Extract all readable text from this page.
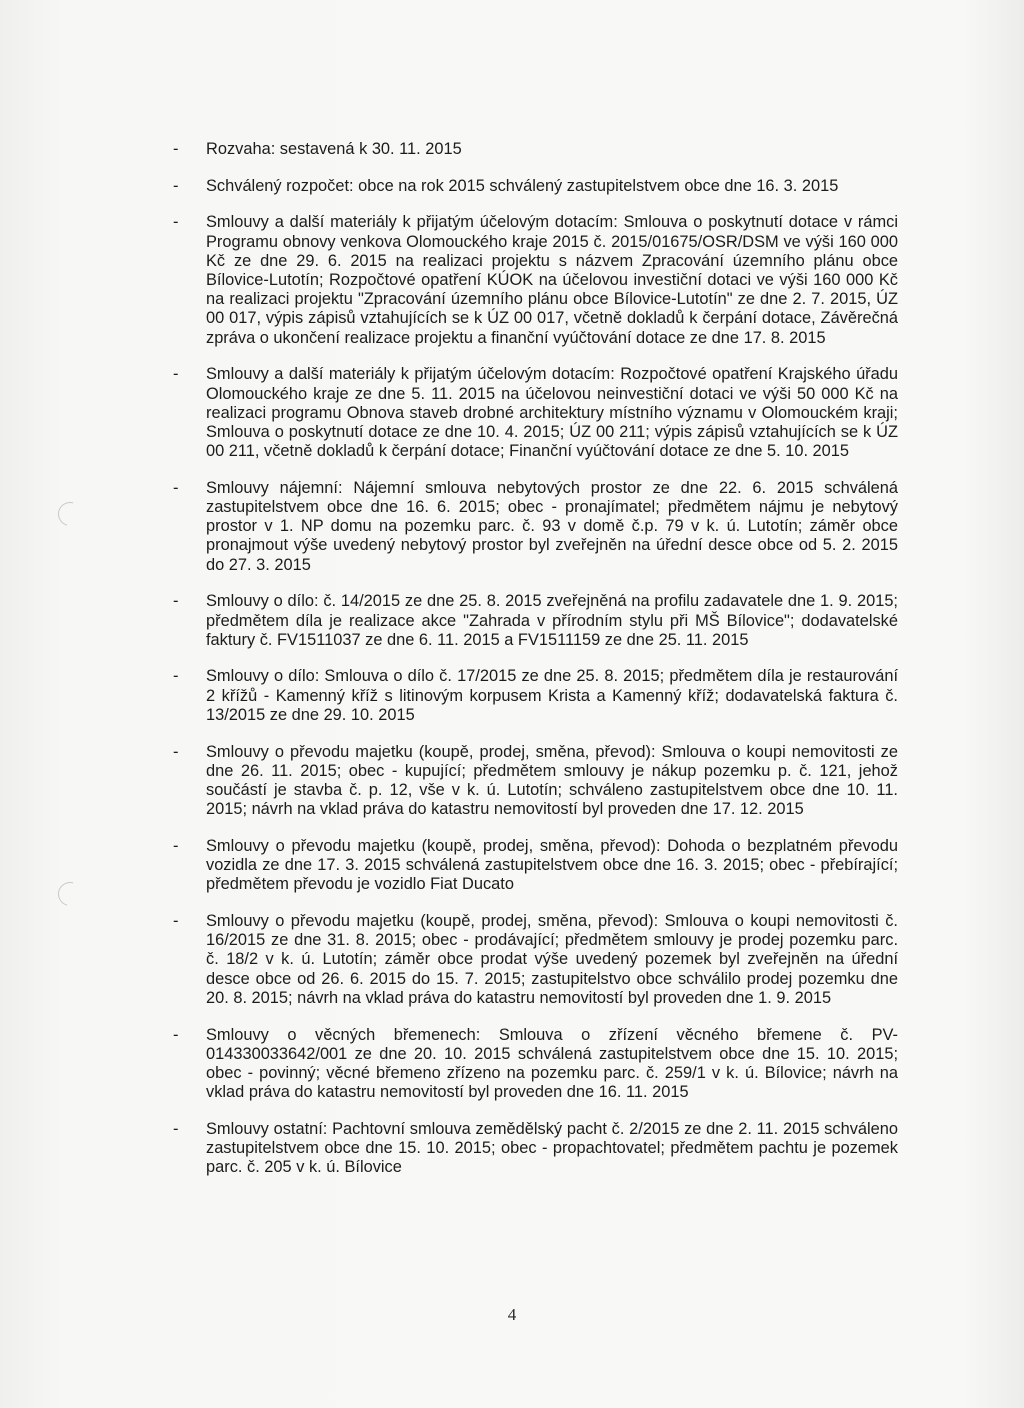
- Rozvaha: sestavená k 30. 11. 2015
- Schválený rozpočet: obce na rok 2015 schválený zastupitelstvem obce dne 16. 3. 2015
- Smlouvy a další materiály k přijatým účelovým dotacím: Smlouva o poskytnutí dotace v rámci Programu obnovy venkova Olomouckého kraje 2015 č. 2015/01675/OSR/DSM ve výši 160 000 Kč ze dne 29. 6. 2015 na realizaci projektu s názvem Zpracování územního plánu obce Bílovice-Lutotín; Rozpočtové opatření KÚOK na účelovou investiční dotaci ve výši 160 000 Kč na realizaci projektu "Zpracování územního plánu obce Bílovice-Lutotín" ze dne 2. 7. 2015, ÚZ 00 017, výpis zápisů vztahujících se k ÚZ 00 017, včetně dokladů k čerpání dotace, Závěrečná zpráva o ukončení realizace projektu a finanční vyúčtování dotace ze dne 17. 8. 2015
- Smlouvy a další materiály k přijatým účelovým dotacím: Rozpočtové opatření Krajského úřadu Olomouckého kraje ze dne 5. 11. 2015 na účelovou neinvestiční dotaci ve výši 50 000 Kč na realizaci programu Obnova staveb drobné architektury místního významu v Olomouckém kraji; Smlouva o poskytnutí dotace ze dne 10. 4. 2015; ÚZ 00 211; výpis zápisů vztahujících se k ÚZ 00 211, včetně dokladů k čerpání dotace; Finanční vyúčtování dotace ze dne 5. 10. 2015
- Smlouvy nájemní: Nájemní smlouva nebytových prostor ze dne 22. 6. 2015 schválená zastupitelstvem obce dne 16. 6. 2015; obec - pronajímatel; předmětem nájmu je nebytový prostor v 1. NP domu na pozemku parc. č. 93 v domě č.p. 79 v k. ú. Lutotín; záměr obce pronajmout výše uvedený nebytový prostor byl zveřejněn na úřední desce obce od 5. 2. 2015 do 27. 3. 2015
- Smlouvy o dílo: č. 14/2015 ze dne 25. 8. 2015 zveřejněná na profilu zadavatele dne 1. 9. 2015; předmětem díla je realizace akce "Zahrada v přírodním stylu při MŠ Bílovice"; dodavatelské faktury č. FV1511037 ze dne 6. 11. 2015 a FV1511159 ze dne 25. 11. 2015
- Smlouvy o dílo: Smlouva o dílo č. 17/2015 ze dne 25. 8. 2015; předmětem díla je restaurování 2 křížů - Kamenný kříž s litinovým korpusem Krista a Kamenný kříž; dodavatelská faktura č. 13/2015 ze dne 29. 10. 2015
- Smlouvy o převodu majetku (koupě, prodej, směna, převod): Smlouva o koupi nemovitosti ze dne 26. 11. 2015; obec - kupující; předmětem smlouvy je nákup pozemku p. č. 121, jehož součástí je stavba č. p. 12, vše v k. ú. Lutotín; schváleno zastupitelstvem obce dne 10. 11. 2015; návrh na vklad práva do katastru nemovitostí byl proveden dne 17. 12. 2015
- Smlouvy o převodu majetku (koupě, prodej, směna, převod): Dohoda o bezplatném převodu vozidla ze dne 17. 3. 2015 schválená zastupitelstvem obce dne 16. 3. 2015; obec - přebírající; předmětem převodu je vozidlo Fiat Ducato
- Smlouvy o převodu majetku (koupě, prodej, směna, převod): Smlouva o koupi nemovitosti č. 16/2015 ze dne 31. 8. 2015; obec - prodávající; předmětem smlouvy je prodej pozemku parc. č. 18/2 v k. ú. Lutotín; záměr obce prodat výše uvedený pozemek byl zveřejněn na úřední desce obce od 26. 6. 2015 do 15. 7. 2015; zastupitelstvo obce schválilo prodej pozemku dne 20. 8. 2015; návrh na vklad práva do katastru nemovitostí byl proveden dne 1. 9. 2015
- Smlouvy o věcných břemenech: Smlouva o zřízení věcného břemene č. PV-014330033642/001 ze dne 20. 10. 2015 schválená zastupitelstvem obce dne 15. 10. 2015; obec - povinný; věcné břemeno zřízeno na pozemku parc. č. 259/1 v k. ú. Bílovice; návrh na vklad práva do katastru nemovitostí byl proveden dne 16. 11. 2015
- Smlouvy ostatní: Pachtovní smlouva zemědělský pacht č. 2/2015 ze dne 2. 11. 2015 schváleno zastupitelstvem obce dne 15. 10. 2015; obec - propachtovatel; předmětem pachtu je pozemek parc. č. 205 v k. ú. Bílovice
4
